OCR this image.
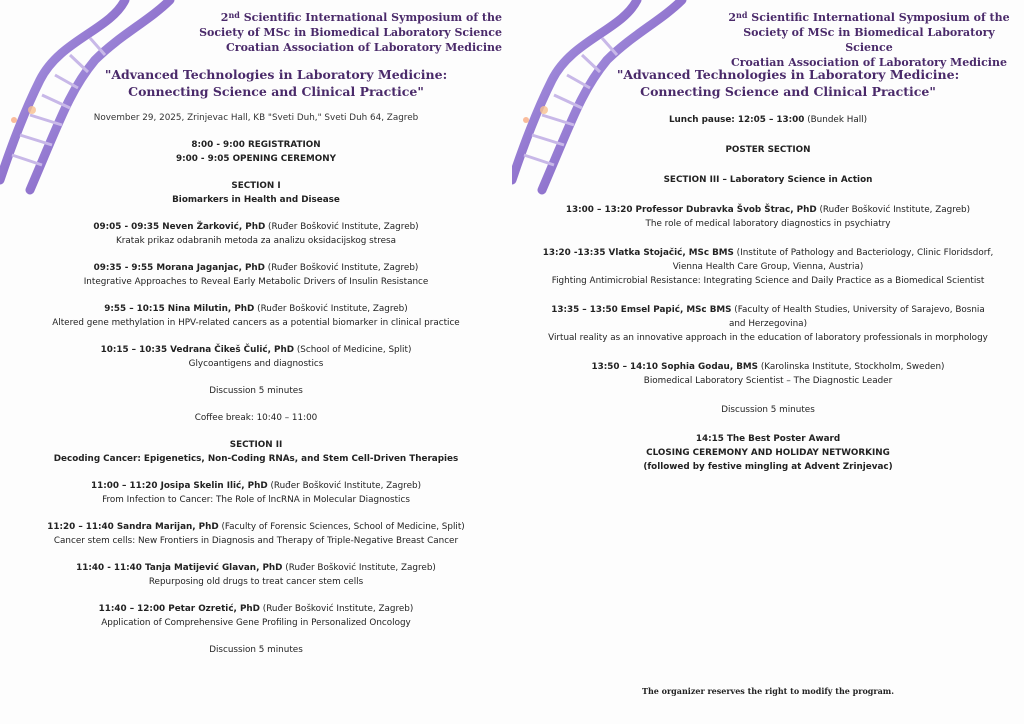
2nd Scientific International Symposium of the
Society of MSc in Biomedical Laboratory Science
Croatian Association of Laboratory Medicine
"Advanced Technologies in Laboratory Medicine:
Connecting Science and Clinical Practice"
November 29, 2025, Zrinjevac Hall, KB "Sveti Duh," Sveti Duh 64, Zagreb
8:00 - 9:00 REGISTRATION
9:00 - 9:05 OPENING CEREMONY
SECTION I
Biomarkers in Health and Disease
09:05 - 09:35 Neven Žarković, PhD (Ruđer Bošković Institute, Zagreb)
Kratak prikaz odabranih metoda za analizu oksidacijskog stresa
09:35 - 9:55 Morana Jaganjac, PhD (Ruđer Bošković Institute, Zagreb)
Integrative Approaches to Reveal Early Metabolic Drivers of Insulin Resistance
9:55 – 10:15 Nina Milutin, PhD (Ruđer Bošković Institute, Zagreb)
Altered gene methylation in HPV-related cancers as a potential biomarker in clinical practice
10:15 – 10:35 Vedrana Čikeš Čulić, PhD (School of Medicine, Split)
Glycoantigens and diagnostics
Discussion 5 minutes
Coffee break: 10:40 – 11:00
SECTION II
Decoding Cancer: Epigenetics, Non-Coding RNAs, and Stem Cell-Driven Therapies
11:00 – 11:20 Josipa Skelin Ilić, PhD (Ruđer Bošković Institute, Zagreb)
From Infection to Cancer: The Role of lncRNA in Molecular Diagnostics
11:20 – 11:40 Sandra Marijan, PhD (Faculty of Forensic Sciences, School of Medicine, Split)
Cancer stem cells: New Frontiers in Diagnosis and Therapy of Triple-Negative Breast Cancer
11:40 - 11:40 Tanja Matijević Glavan, PhD (Ruđer Bošković Institute, Zagreb)
Repurposing old drugs to treat cancer stem cells
11:40 – 12:00 Petar Ozretić, PhD (Ruđer Bošković Institute, Zagreb)
Application of Comprehensive Gene Profiling in Personalized Oncology
Discussion 5 minutes
2nd Scientific International Symposium of the
Society of MSc in Biomedical Laboratory Science
Croatian Association of Laboratory Medicine
"Advanced Technologies in Laboratory Medicine:
Connecting Science and Clinical Practice"
Lunch pause: 12:05 – 13:00 (Bundek Hall)
POSTER SECTION
SECTION III – Laboratory Science in Action
13:00 – 13:20 Professor Dubravka Švob Štrac, PhD (Ruđer Bošković Institute, Zagreb)
The role of medical laboratory diagnostics in psychiatry
13:20 -13:35 Vlatka Stojačić, MSc BMS (Institute of Pathology and Bacteriology, Clinic Floridsdorf, Vienna Health Care Group, Vienna, Austria)
Fighting Antimicrobial Resistance: Integrating Science and Daily Practice as a Biomedical Scientist
13:35 – 13:50 Emsel Papić, MSc BMS (Faculty of Health Studies, University of Sarajevo, Bosnia and Herzegovina)
Virtual reality as an innovative approach in the education of laboratory professionals in morphology
13:50 – 14:10 Sophia Godau, BMS (Karolinska Institute, Stockholm, Sweden)
Biomedical Laboratory Scientist – The Diagnostic Leader
Discussion 5 minutes
14:15 The Best Poster Award
CLOSING CEREMONY AND HOLIDAY NETWORKING
(followed by festive mingling at Advent Zrinjevac)
The organizer reserves the right to modify the program.
